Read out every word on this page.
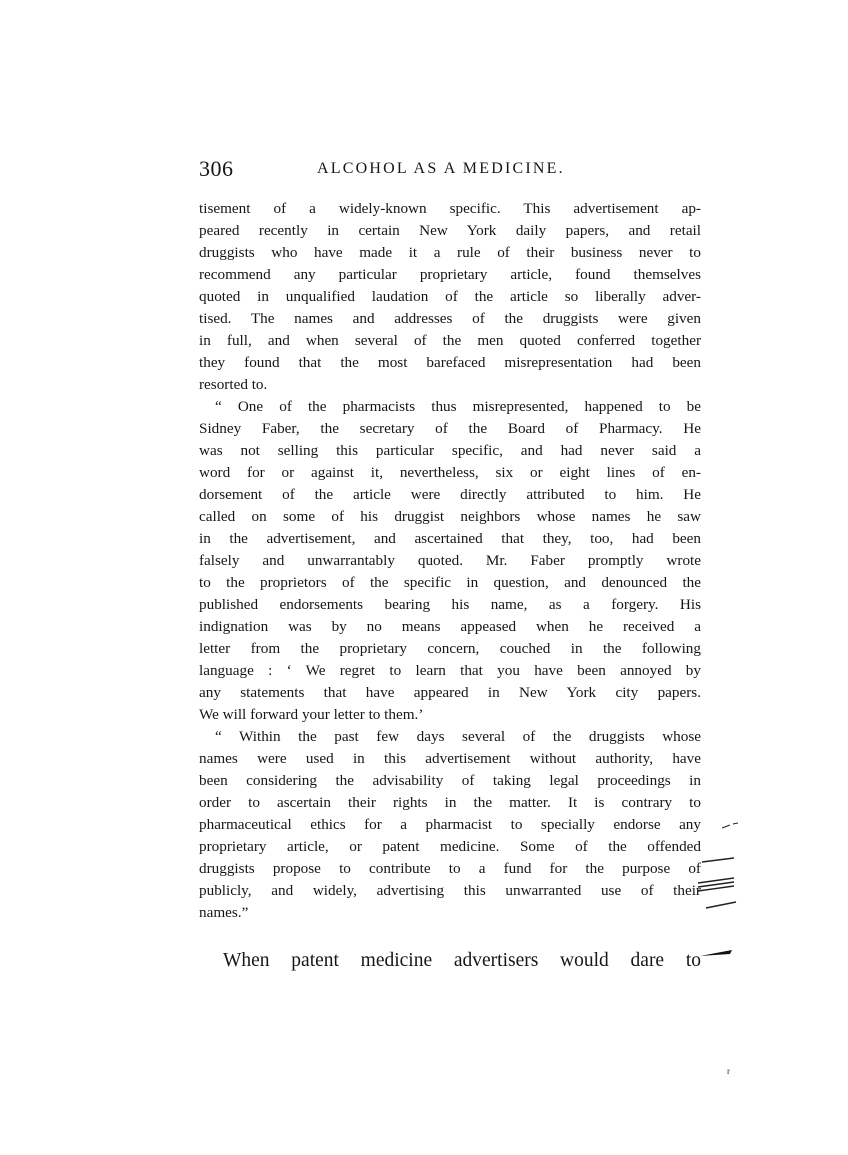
306	ALCOHOL AS A MEDICINE.
tisement of a widely-known specific. This advertisement ap-
peared recently in certain New York daily papers, and retail
druggists who have made it a rule of their business never to
recommend any particular proprietary article, found themselves
quoted in unqualified laudation of the article so liberally adver-
tised. The names and addresses of the druggists were given
in full, and when several of the men quoted conferred together
they found that the most barefaced misrepresentation had been
resorted to.
“ One of the pharmacists thus misrepresented, happened to be
Sidney Faber, the secretary of the Board of Pharmacy. He
was not selling this particular specific, and had never said a
word for or against it, nevertheless, six or eight lines of en-
dorsement of the article were directly attributed to him. He
called on some of his druggist neighbors whose names he saw
in the advertisement, and ascertained that they, too, had been
falsely and unwarrantably quoted. Mr. Faber promptly wrote
to the proprietors of the specific in question, and denounced the
published endorsements bearing his name, as a forgery. His
indignation was by no means appeased when he received a
letter from the proprietary concern, couched in the following
language : ‘ We regret to learn that you have been annoyed by
any statements that have appeared in New York city papers.
We will forward your letter to them.’
“ Within the past few days several of the druggists whose
names were used in this advertisement without authority, have
been considering the advisability of taking legal proceedings in
order to ascertain their rights in the matter. It is contrary to
pharmaceutical ethics for a pharmacist to specially endorse any
proprietary article, or patent medicine. Some of the offended
druggists propose to contribute to a fund for the purpose of
publicly, and widely, advertising this unwarranted use of their
names.”
When patent medicine advertisers would dare to
r
